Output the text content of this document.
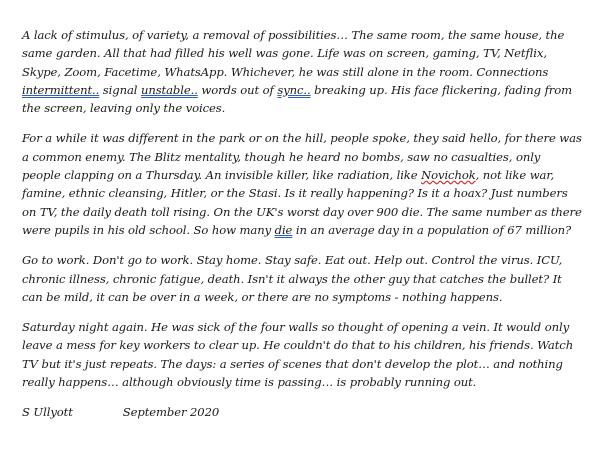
A lack of stimulus, of variety, a removal of possibilities… The same room, the same house, the same garden. All that had filled his well was gone. Life was on screen, gaming, TV, Netflix, Skype, Zoom, Facetime, WhatsApp. Whichever, he was still alone in the room. Connections intermittent.. signal unstable.. words out of sync.. breaking up. His face flickering, fading from the screen, leaving only the voices.

For a while it was different in the park or on the hill, people spoke, they said hello, for there was a common enemy. The Blitz mentality, though he heard no bombs, saw no casualties, only people clapping on a Thursday. An invisible killer, like radiation, like Novichok, not like war, famine, ethnic cleansing, Hitler, or the Stasi. Is it really happening? Is it a hoax? Just numbers on TV, the daily death toll rising. On the UK's worst day over 900 die. The same number as there were pupils in his old school. So how many die in an average day in a population of 67 million?

Go to work. Don't go to work. Stay home. Stay safe. Eat out. Help out. Control the virus. ICU, chronic illness, chronic fatigue, death. Isn't it always the other guy that catches the bullet? It can be mild, it can be over in a week, or there are no symptoms - nothing happens.

Saturday night again. He was sick of the four walls so thought of opening a vein. It would only leave a mess for key workers to clear up. He couldn't do that to his children, his friends. Watch TV but it's just repeats. The days: a series of scenes that don't develop the plot… and nothing really happens… although obviously time is passing… is probably running out.

S Ullyott	September 2020
